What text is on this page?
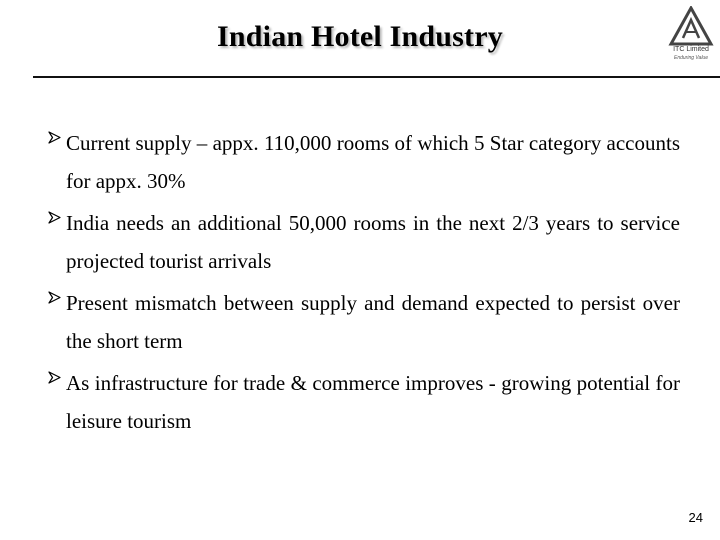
Indian Hotel Industry	ITC Limited
Enduring Value
Current supply – appx. 110,000 rooms of which 5 Star category accounts for appx. 30%
India needs an additional 50,000 rooms in the next 2/3 years to service projected tourist arrivals
Present mismatch between supply and demand expected to persist over the short term
As infrastructure for trade & commerce improves - growing potential for leisure tourism
24
